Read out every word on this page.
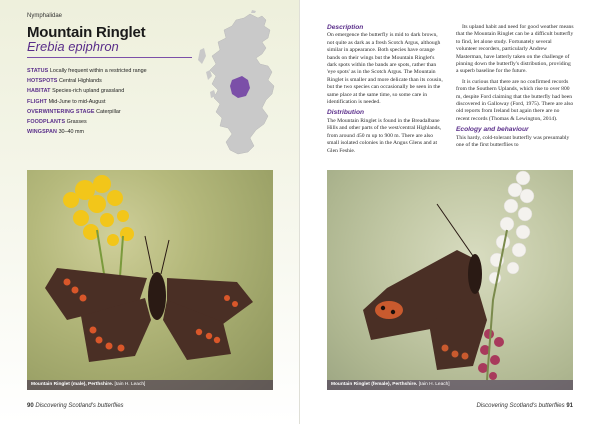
Nymphalidae
Mountain Ringlet
Erebia epiphron
STATUS Locally frequent within a restricted range
HOTSPOTS Central Highlands
HABITAT Species-rich upland grassland
FLIGHT Mid-June to mid-August
OVERWINTERING STAGE Caterpillar
FOODPLANTS Grasses
WINGSPAN 30–40 mm
Mountain Ringlet (male), Perthshire. [Iain H. Leach]
90 Discovering Scotland's butterflies
Description

On emergence the butterfly is mid to dark brown, not quite as dark as a fresh Scotch Argus, although similar in appearance. Both species have orange bands on their wings but the Mountain Ringlet's dark spots within the bands are spots, rather than 'eye spots' as in the Scotch Argus. The Mountain Ringlet is smaller and more delicate than its cousin, but the two species can occasionally be seen in the same place at the same time, so some care in identification is needed.

Distribution

The Mountain Ringlet is found in the Breadalbane Hills and other parts of the west/central Highlands, from around 450 m up to 900 m. There are also small isolated colonies in the Angus Glens and at Glen Feshie.

Its upland habit and need for good weather means that the Mountain Ringlet can be a difficult butterfly to find, let alone study. Fortunately several volunteer recorders, particularly Andrew Masterman, have latterly taken on the challenge of pinning down the butterfly's distribution, providing a superb baseline for the future.

It is curious that there are no confirmed records from the Southern Uplands, which rise to over 800 m, despite Ford claiming that the butterfly had been discovered in Galloway (Ford, 1975). There are also old reports from Ireland but again there are no recent records (Thomas & Lewington, 2014).

Ecology and behaviour

This hardy, cold-tolerant butterfly was presumably one of the first butterflies to

Mountain Ringlet (female), Perthshire. [Iain H. Leach]
Discovering Scotland's butterflies 91
